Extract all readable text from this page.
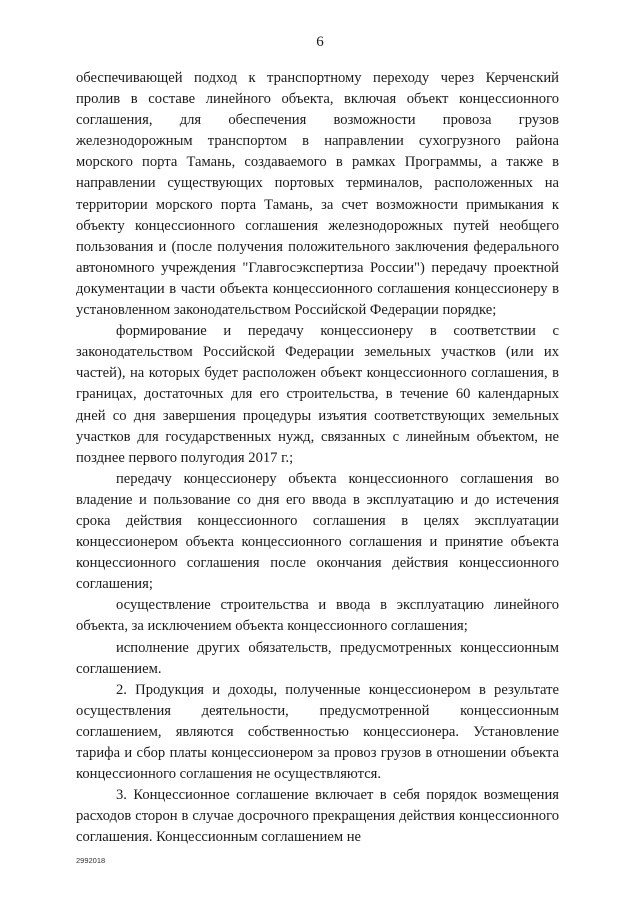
6

обеспечивающей подход к транспортному переходу через Керченский пролив в составе линейного объекта, включая объект концессионного соглашения, для обеспечения возможности провоза грузов железнодорожным транспортом в направлении сухогрузного района морского порта Тамань, создаваемого в рамках Программы, а также в направлении существующих портовых терминалов, расположенных на территории морского порта Тамань, за счет возможности примыкания к объекту концессионного соглашения железнодорожных путей необщего пользования и (после получения положительного заключения федерального автономного учреждения "Главгосэкспертиза России") передачу проектной документации в части объекта концессионного соглашения концессионеру в установленном законодательством Российской Федерации порядке;

формирование и передачу концессионеру в соответствии с законодательством Российской Федерации земельных участков (или их частей), на которых будет расположен объект концессионного соглашения, в границах, достаточных для его строительства, в течение 60 календарных дней со дня завершения процедуры изъятия соответствующих земельных участков для государственных нужд, связанных с линейным объектом, не позднее первого полугодия 2017 г.;

передачу концессионеру объекта концессионного соглашения во владение и пользование со дня его ввода в эксплуатацию и до истечения срока действия концессионного соглашения в целях эксплуатации концессионером объекта концессионного соглашения и принятие объекта концессионного соглашения после окончания действия концессионного соглашения;

осуществление строительства и ввода в эксплуатацию линейного объекта, за исключением объекта концессионного соглашения;

исполнение других обязательств, предусмотренных концессионным соглашением.

2. Продукция и доходы, полученные концессионером в результате осуществления деятельности, предусмотренной концессионным соглашением, являются собственностью концессионера. Установление тарифа и сбор платы концессионером за провоз грузов в отношении объекта концессионного соглашения не осуществляются.

3. Концессионное соглашение включает в себя порядок возмещения расходов сторон в случае досрочного прекращения действия концессионного соглашения. Концессионным соглашением не

2992018
